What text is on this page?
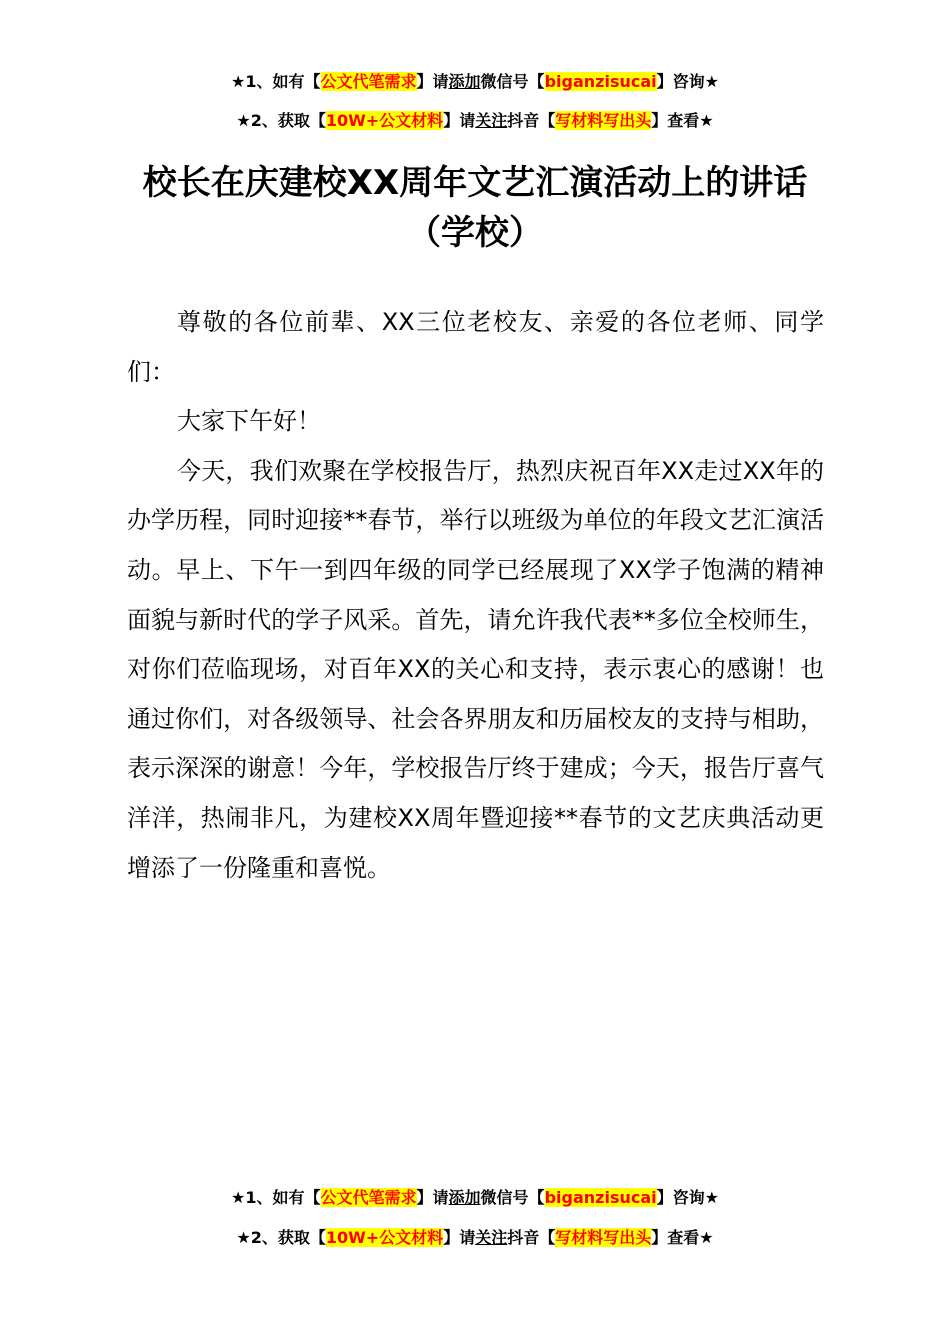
★1、如有【公文代笔需求】请添加微信号【biganzisucai】咨询★
★2、获取【10W+公文材料】请关注抖音【写材料写出头】查看★
校长在庆建校XX周年文艺汇演活动上的讲话
（学校）

尊敬的各位前辈、XX三位老校友、亲爱的各位老师、同学们：

大家下午好！

今天，我们欢聚在学校报告厅，热烈庆祝百年XX走过XX年的办学历程，同时迎接**春节，举行以班级为单位的年段文艺汇演活动。早上、下午一到四年级的同学已经展现了XX学子饱满的精神面貌与新时代的学子风采。首先，请允许我代表**多位全校师生，对你们莅临现场，对百年XX的关心和支持，表示衷心的感谢！也通过你们，对各级领导、社会各界朋友和历届校友的支持与相助，表示深深的谢意！今年，学校报告厅终于建成；今天，报告厅喜气洋洋，热闹非凡，为建校XX周年暨迎接**春节的文艺庆典活动更增添了一份隆重和喜悦。

★1、如有【公文代笔需求】请添加微信号【biganzisucai】咨询★
★2、获取【10W+公文材料】请关注抖音【写材料写出头】查看★
